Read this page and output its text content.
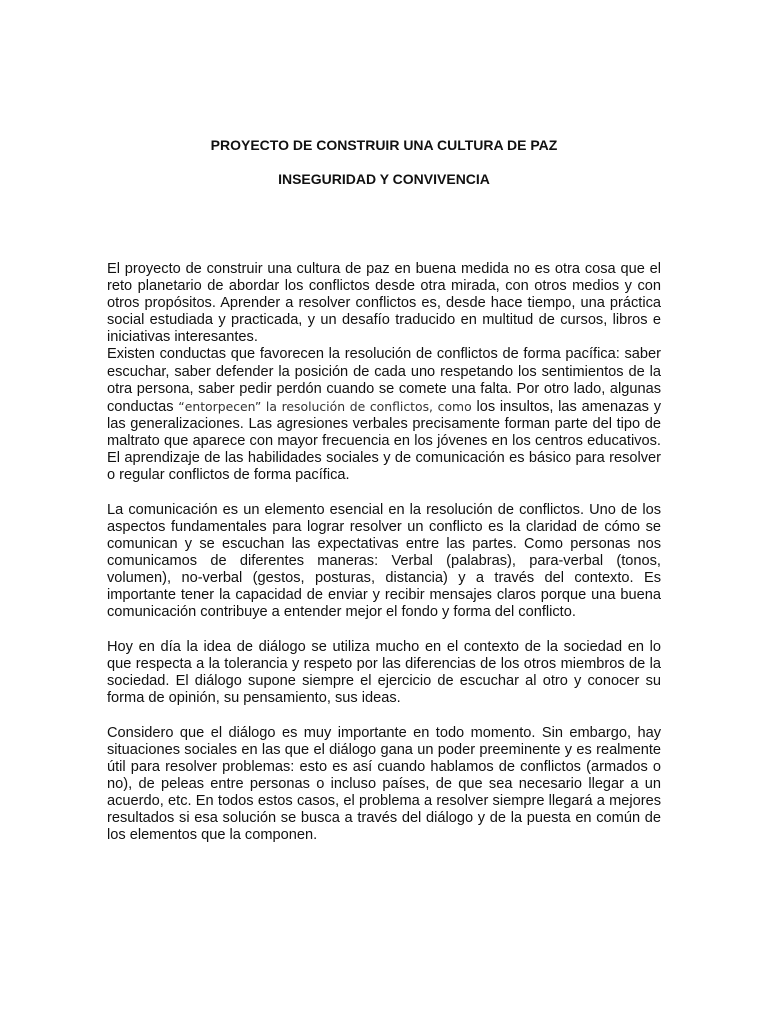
PROYECTO DE CONSTRUIR UNA CULTURA DE PAZ
INSEGURIDAD Y CONVIVENCIA

El proyecto de construir una cultura de paz en buena medida no es otra cosa que el reto planetario de abordar los conflictos desde otra mirada, con otros medios y con otros propósitos. Aprender a resolver conflictos es, desde hace tiempo, una práctica social estudiada y practicada, y un desafío traducido en multitud de cursos, libros e iniciativas interesantes.

Existen conductas que favorecen la resolución de conflictos de forma pacífica: saber escuchar, saber defender la posición de cada uno respetando los sentimientos de la otra persona, saber pedir perdón cuando se comete una falta. Por otro lado, algunas conductas “entorpecen” la resolución de conflictos, como los insultos, las amenazas y las generalizaciones. Las agresiones verbales precisamente forman parte del tipo de maltrato que aparece con mayor frecuencia en los jóvenes en los centros educativos. El aprendizaje de las habilidades sociales y de comunicación es básico para resolver o regular conflictos de forma pacífica.

La comunicación es un elemento esencial en la resolución de conflictos. Uno de los aspectos fundamentales para lograr resolver un conflicto es la claridad de cómo se comunican y se escuchan las expectativas entre las partes. Como personas nos comunicamos de diferentes maneras: Verbal (palabras), para-verbal (tonos, volumen), no-verbal (gestos, posturas, distancia) y a través del contexto. Es importante tener la capacidad de enviar y recibir mensajes claros porque una buena comunicación contribuye a entender mejor el fondo y forma del conflicto.

Hoy en día la idea de diálogo se utiliza mucho en el contexto de la sociedad en lo que respecta a la tolerancia y respeto por las diferencias de los otros miembros de la sociedad. El diálogo supone siempre el ejercicio de escuchar al otro y conocer su forma de opinión, su pensamiento, sus ideas.

Considero que el diálogo es muy importante en todo momento. Sin embargo, hay situaciones sociales en las que el diálogo gana un poder preeminente y es realmente útil para resolver problemas: esto es así cuando hablamos de conflictos (armados o no), de peleas entre personas o incluso países, de que sea necesario llegar a un acuerdo, etc. En todos estos casos, el problema a resolver siempre llegará a mejores resultados si esa solución se busca a través del diálogo y de la puesta en común de los elementos que la componen.
